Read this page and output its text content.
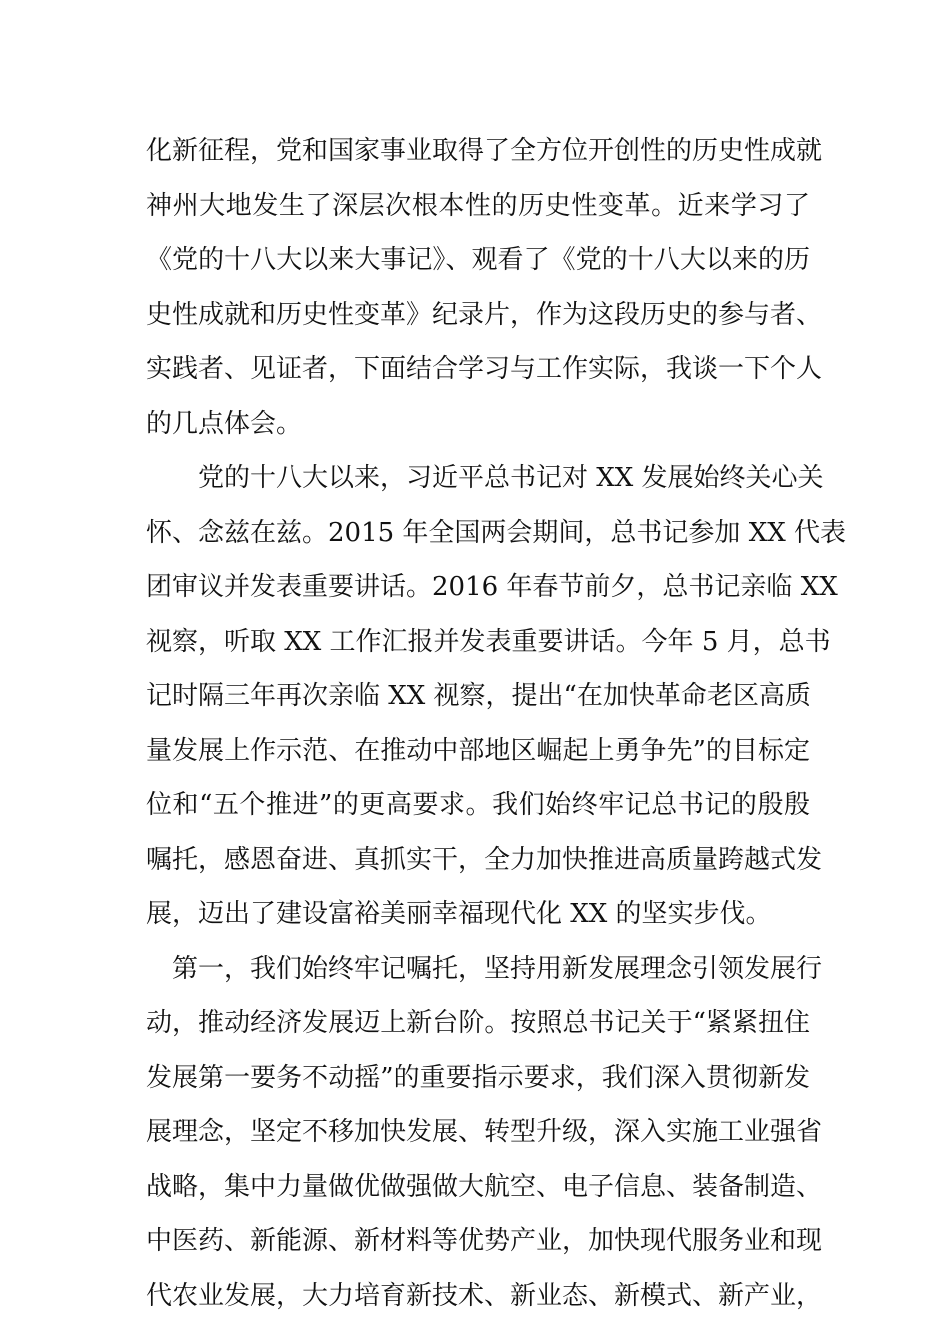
化新征程，党和国家事业取得了全方位开创性的历史性成就
神州大地发生了深层次根本性的历史性变革。近来学习了
《党的十八大以来大事记》、观看了《党的十八大以来的历
史性成就和历史性变革》纪录片，作为这段历史的参与者、
实践者、见证者，下面结合学习与工作实际，我谈一下个人
的几点体会。
党的十八大以来，习近平总书记对 XX 发展始终关心关
怀、念兹在兹。2015 年全国两会期间，总书记参加 XX 代表
团审议并发表重要讲话。2016 年春节前夕，总书记亲临 XX
视察，听取 XX 工作汇报并发表重要讲话。今年 5 月，总书
记时隔三年再次亲临 XX 视察，提出“在加快革命老区高质
量发展上作示范、在推动中部地区崛起上勇争先”的目标定
位和“五个推进”的更高要求。我们始终牢记总书记的殷殷
嘱托，感恩奋进、真抓实干，全力加快推进高质量跨越式发
展，迈出了建设富裕美丽幸福现代化 XX 的坚实步伐。
第一，我们始终牢记嘱托，坚持用新发展理念引领发展行
动，推动经济发展迈上新台阶。按照总书记关于“紧紧扭住
发展第一要务不动摇”的重要指示要求，我们深入贯彻新发
展理念，坚定不移加快发展、转型升级，深入实施工业强省
战略，集中力量做优做强做大航空、电子信息、装备制造、
中医药、新能源、新材料等优势产业，加快现代服务业和现
代农业发展，大力培育新技术、新业态、新模式、新产业，
